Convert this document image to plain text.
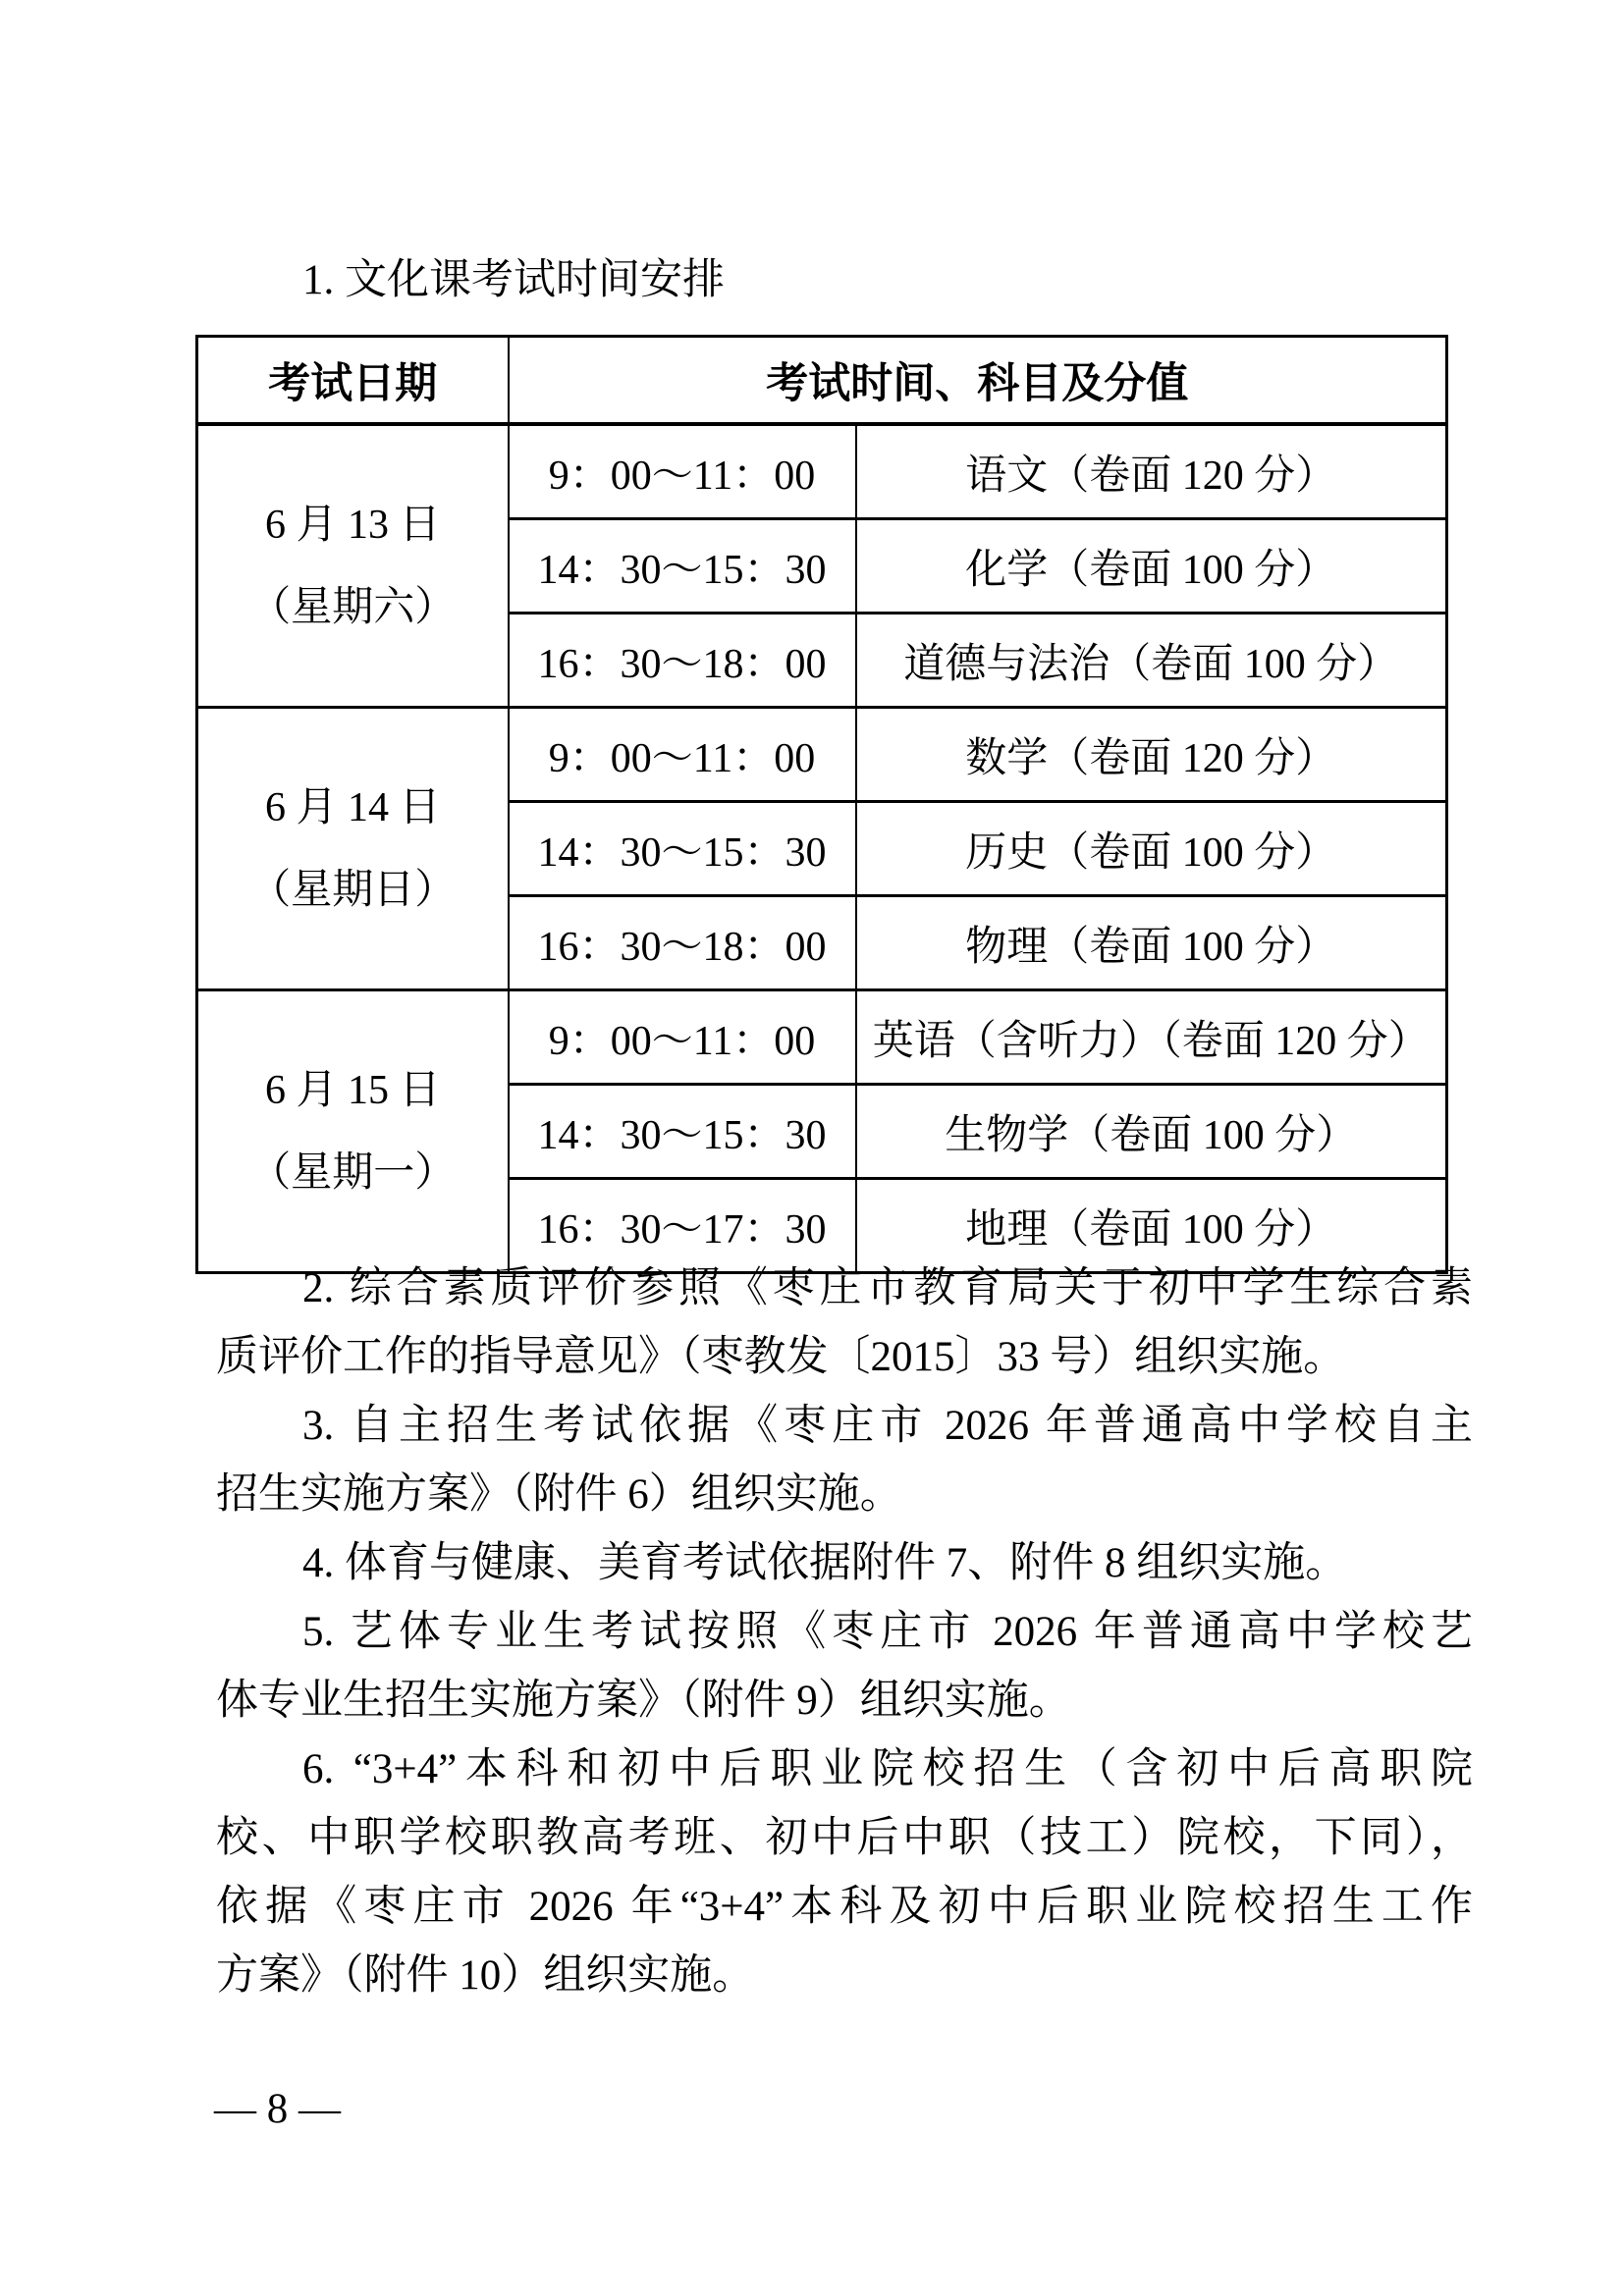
1. 文化课考试时间安排
考试日期	考试时间、科目及分值	

6 月 13 日
（星期六）	9：00～11：00	语文（卷面 120 分）
	14：30～15：30	化学（卷面 100 分）
	16：30～18：00	道德与法治（卷面 100 分）

6 月 14 日
（星期日）	9：00～11：00	数学（卷面 120 分）
	14：30～15：30	历史（卷面 100 分）
	16：30～18：00	物理（卷面 100 分）

6 月 15 日
（星期一）	9：00～11：00	英语（含听力）（卷面 120 分）
	14：30～15：30	生物学（卷面 100 分）
	16：30～17：30	地理（卷面 100 分）

2. 综合素质评价参照《枣庄市教育局关于初中学生综合素
质评价工作的指导意见》（枣教发〔2015〕33 号）组织实施。

3. 自主招生考试依据《枣庄市 2026 年普通高中学校自主
招生实施方案》（附件 6）组织实施。

4. 体育与健康、美育考试依据附件 7、附件 8 组织实施。

5. 艺体专业生考试按照《枣庄市 2026 年普通高中学校艺
体专业生招生实施方案》（附件 9）组织实施。

6. “3+4”本科和初中后职业院校招生（含初中后高职院
校、中职学校职教高考班、初中后中职（技工）院校，下同），
依据《枣庄市 2026 年“3+4”本科及初中后职业院校招生工作
方案》（附件 10）组织实施。

— 8 —
